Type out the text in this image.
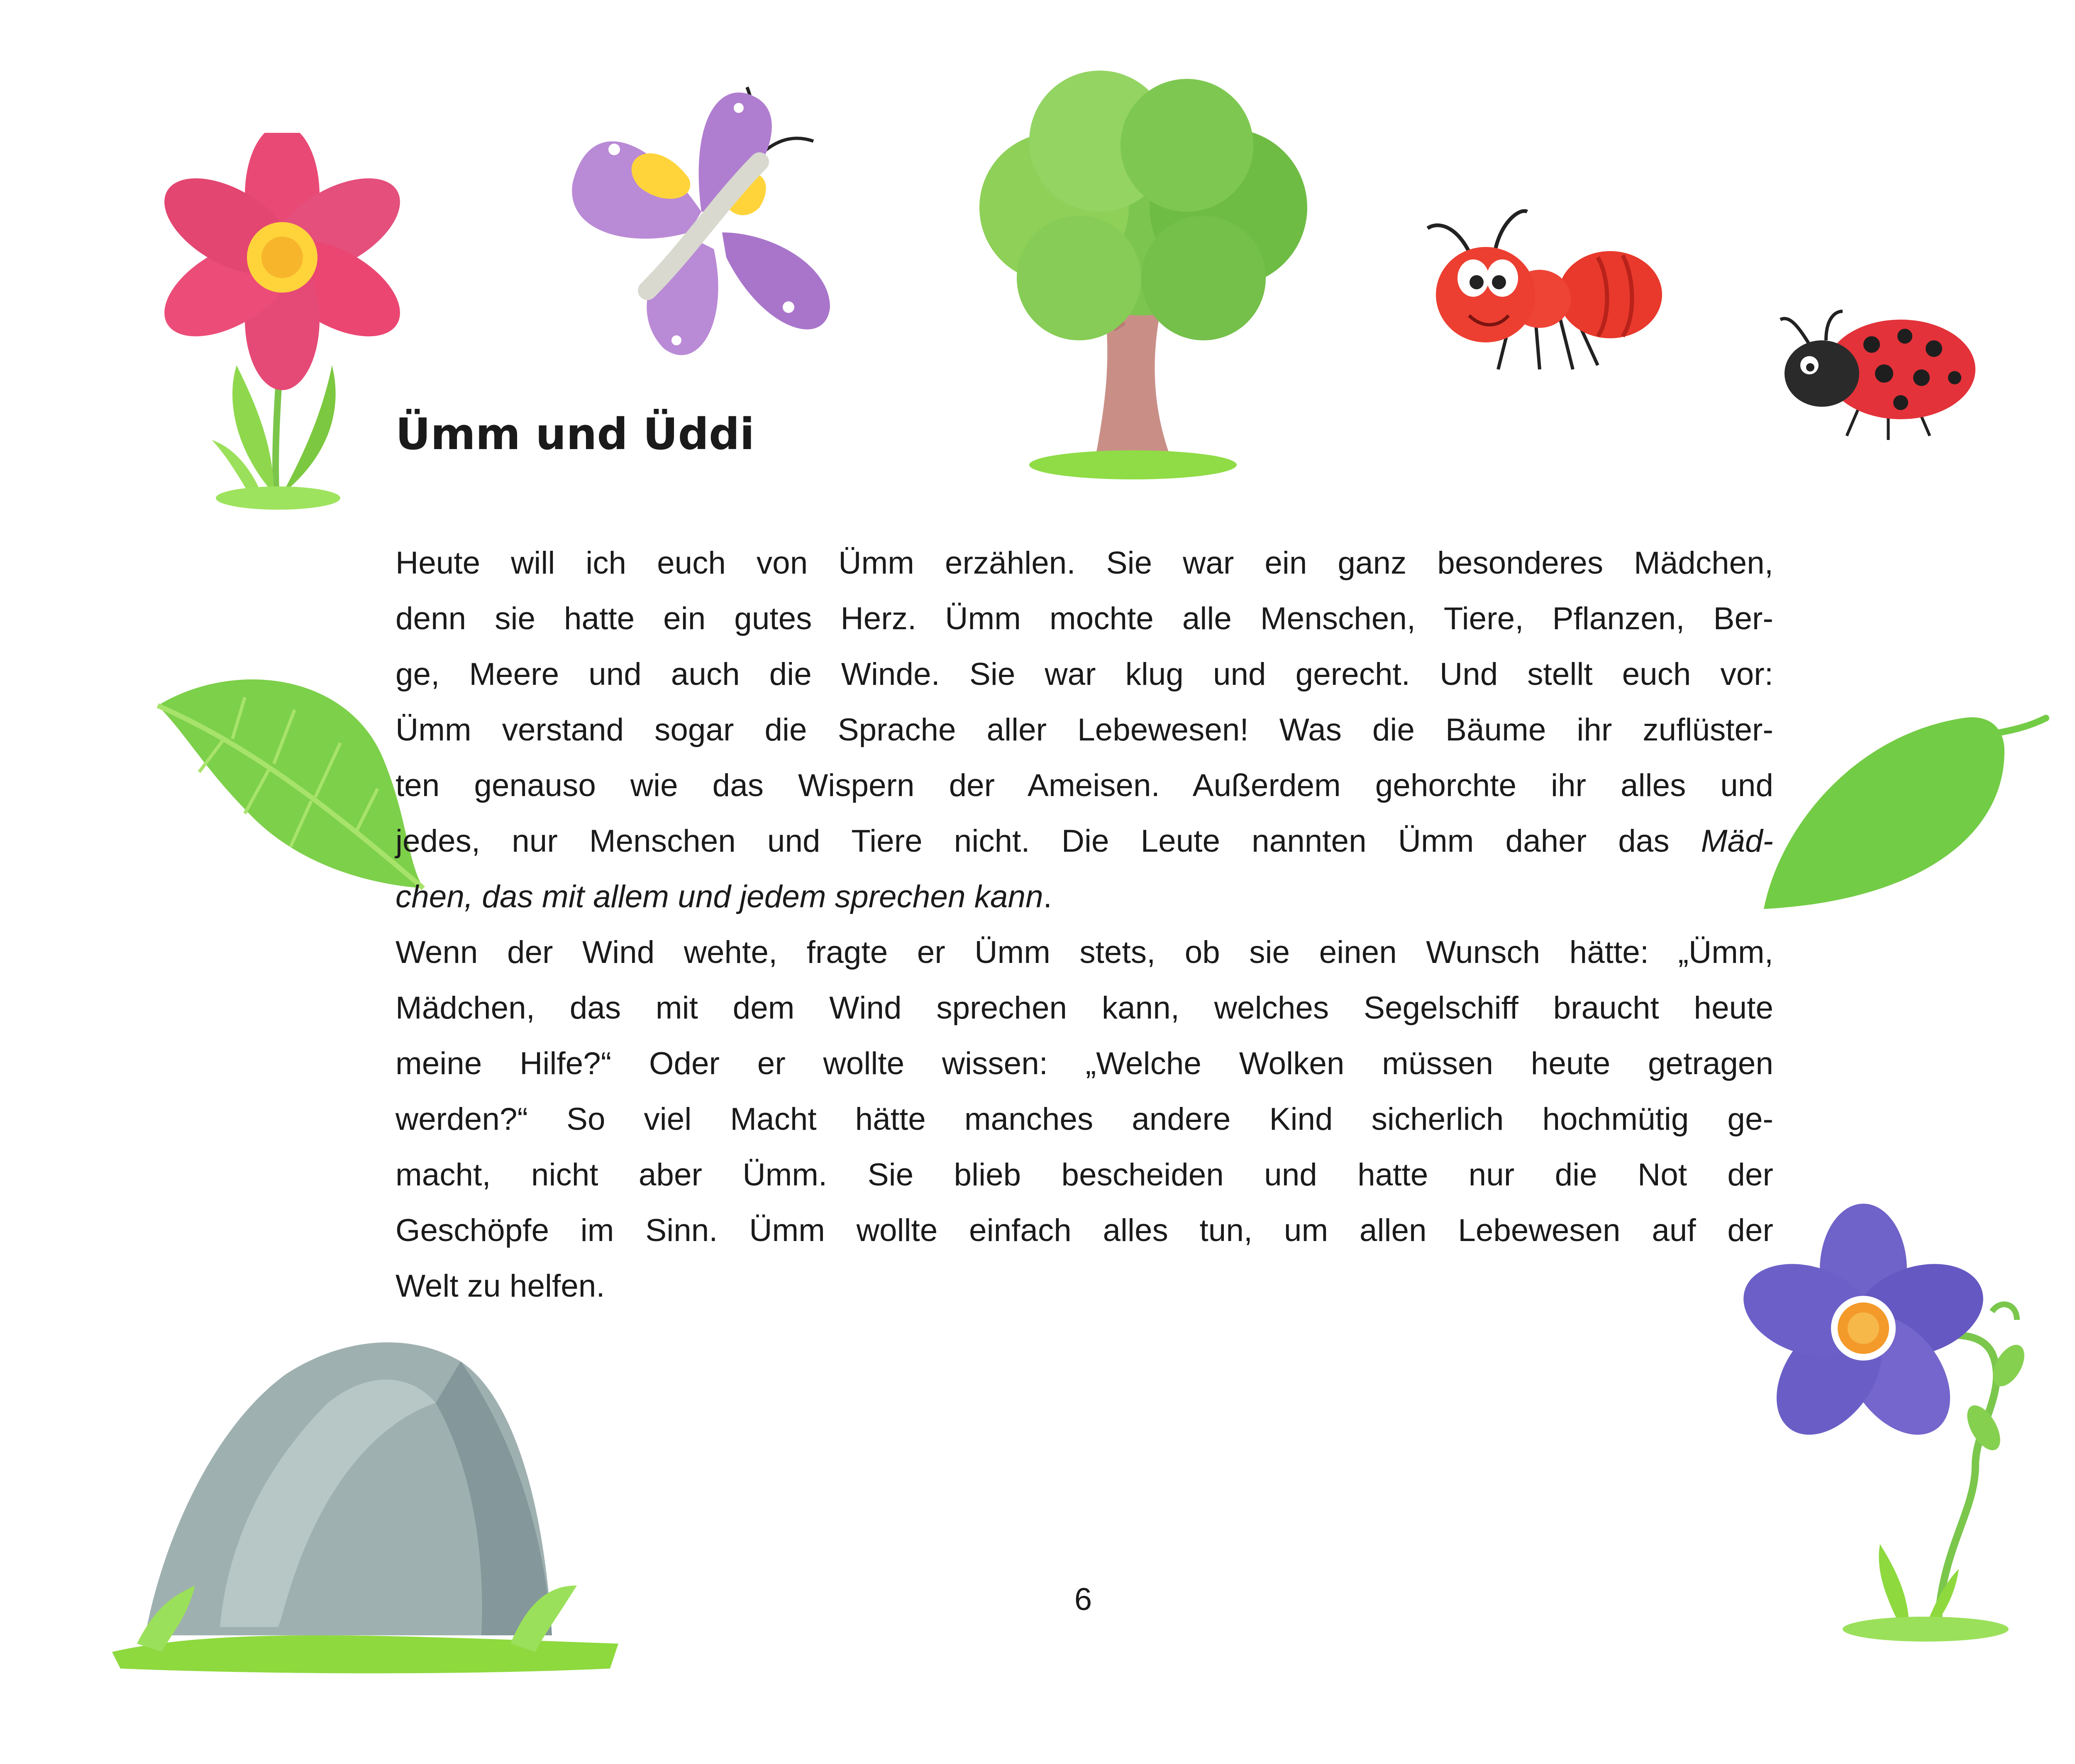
Ümm und Üddi
Heute will ich euch von Ümm erzählen. Sie war ein ganz besonderes Mädchen,
denn sie hatte ein gutes Herz. Ümm mochte alle Menschen, Tiere, Pflanzen, Ber-
ge, Meere und auch die Winde. Sie war klug und gerecht. Und stellt euch vor:
Ümm verstand sogar die Sprache aller Lebewesen! Was die Bäume ihr zuflüster-
ten genauso wie das Wispern der Ameisen. Außerdem gehorchte ihr alles und
jedes, nur Menschen und Tiere nicht. Die Leute nannten Ümm daher das Mäd-
chen, das mit allem und jedem sprechen kann.
Wenn der Wind wehte, fragte er Ümm stets, ob sie einen Wunsch hätte: „Ümm,
Mädchen, das mit dem Wind sprechen kann, welches Segelschiff braucht heute
meine Hilfe?“ Oder er wollte wissen: „Welche Wolken müssen heute getragen
werden?“ So viel Macht hätte manches andere Kind sicherlich hochmütig ge-
macht, nicht aber Ümm. Sie blieb bescheiden und hatte nur die Not der
Geschöpfe im Sinn. Ümm wollte einfach alles tun, um allen Lebewesen auf der
Welt zu helfen.
6
